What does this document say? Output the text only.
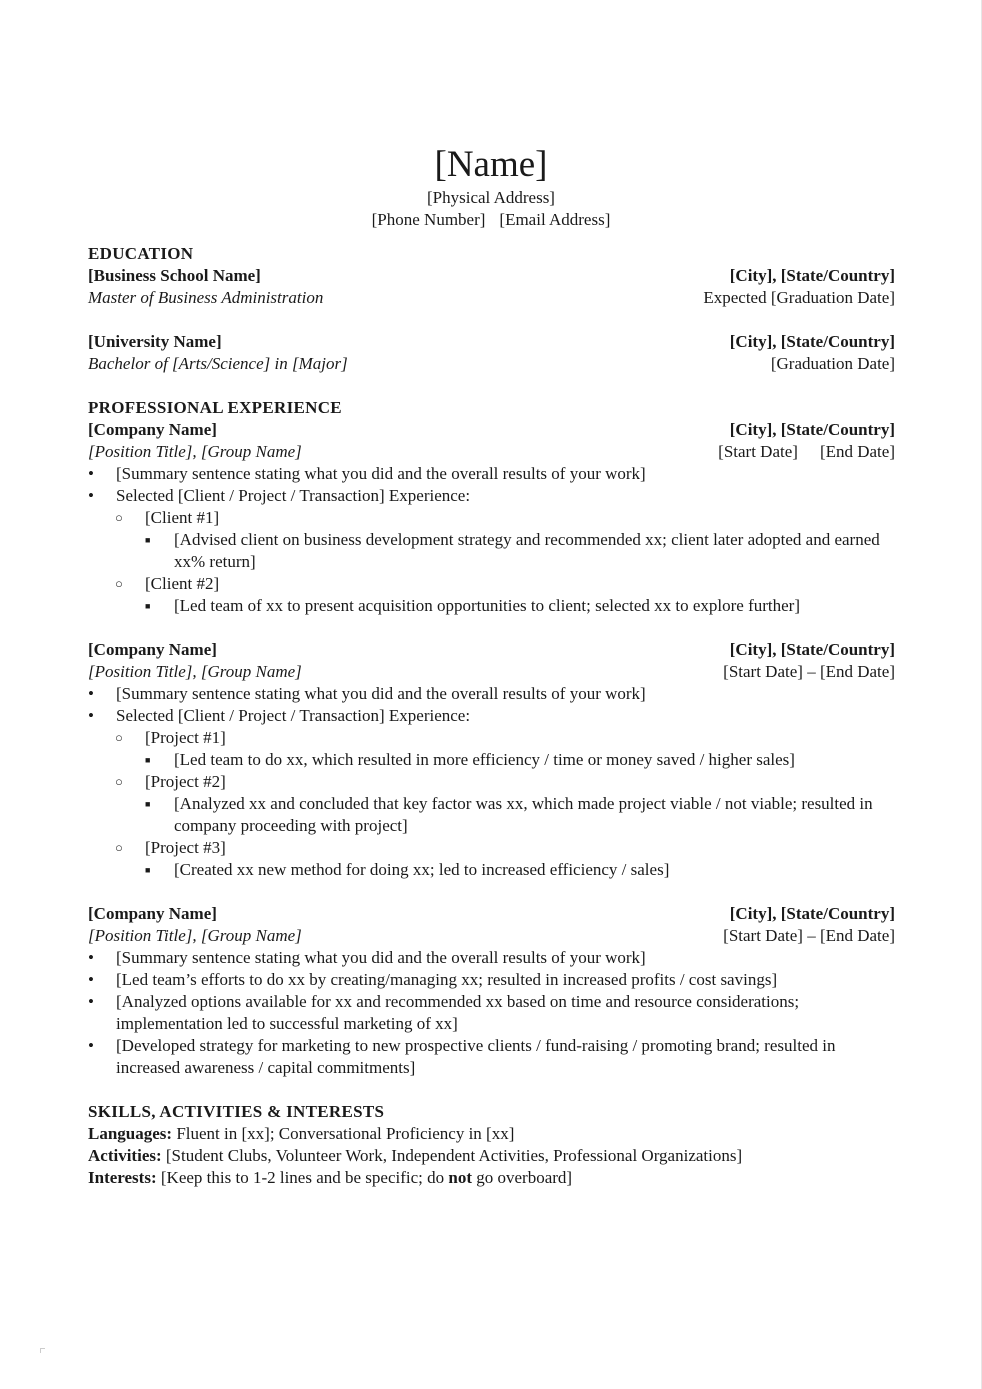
[Name]
[Physical Address]
[Phone Number] [Email Address]
EDUCATION
[Business School Name]	[City], [State/Country]
Master of Business Administration	Expected [Graduation Date]
[University Name]	[City], [State/Country]
Bachelor of [Arts/Science] in [Major]	[Graduation Date]
PROFESSIONAL EXPERIENCE
[Company Name]	[City], [State/Country]
[Position Title], [Group Name]	[Start Date] [End Date]
• [Summary sentence stating what you did and the overall results of your work]
• Selected [Client / Project / Transaction] Experience:
○ [Client #1]
■ [Advised client on business development strategy and recommended xx; client later adopted and earned xx% return]
○ [Client #2]
■ [Led team of xx to present acquisition opportunities to client; selected xx to explore further]
[Company Name]	[City], [State/Country]
[Position Title], [Group Name]	[Start Date] – [End Date]
• [Summary sentence stating what you did and the overall results of your work]
• Selected [Client / Project / Transaction] Experience:
○ [Project #1]
■ [Led team to do xx, which resulted in more efficiency / time or money saved / higher sales]
○ [Project #2]
■ [Analyzed xx and concluded that key factor was xx, which made project viable / not viable; resulted in company proceeding with project]
○ [Project #3]
■ [Created xx new method for doing xx; led to increased efficiency / sales]
[Company Name]	[City], [State/Country]
[Position Title], [Group Name]	[Start Date] – [End Date]
• [Summary sentence stating what you did and the overall results of your work]
• [Led team’s efforts to do xx by creating/managing xx; resulted in increased profits / cost savings]
• [Analyzed options available for xx and recommended xx based on time and resource considerations; implementation led to successful marketing of xx]
• [Developed strategy for marketing to new prospective clients / fund-raising / promoting brand; resulted in increased awareness / capital commitments]
SKILLS, ACTIVITIES & INTERESTS
Languages: Fluent in [xx]; Conversational Proficiency in [xx]
Activities: [Student Clubs, Volunteer Work, Independent Activities, Professional Organizations]
Interests: [Keep this to 1-2 lines and be specific; do not go overboard]
